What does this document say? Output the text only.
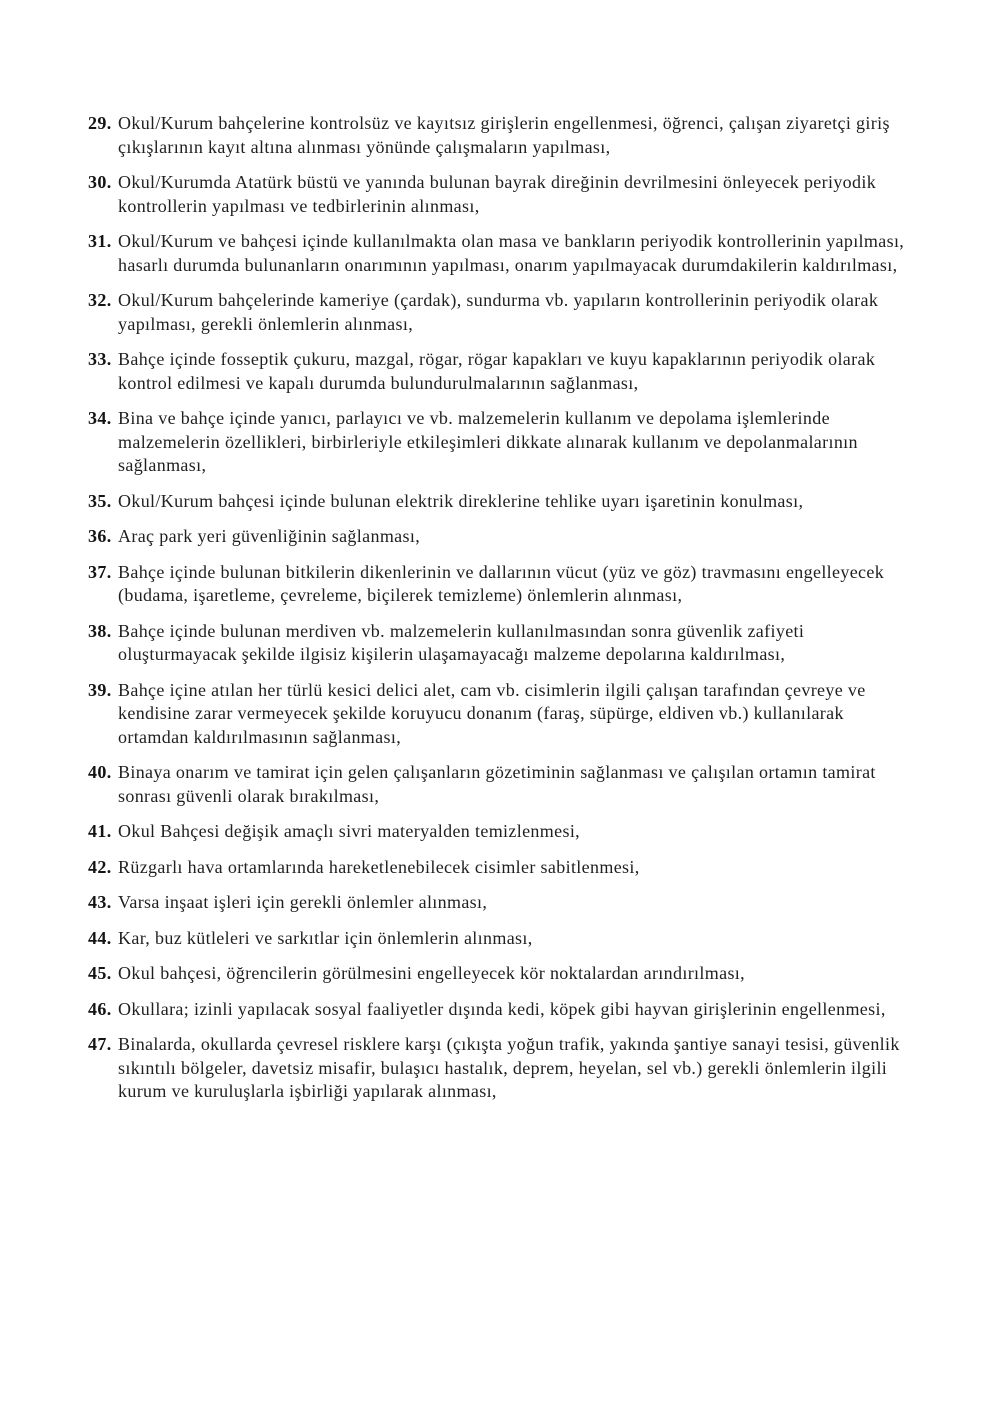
29. Okul/Kurum bahçelerine kontrolsüz ve kayıtsız girişlerin engellenmesi, öğrenci, çalışan ziyaretçi giriş çıkışlarının kayıt altına alınması yönünde çalışmaların yapılması,
30. Okul/Kurumda Atatürk büstü ve yanında bulunan bayrak direğinin devrilmesini önleyecek periyodik kontrollerin yapılması ve tedbirlerinin alınması,
31. Okul/Kurum ve bahçesi içinde kullanılmakta olan masa ve bankların periyodik kontrollerinin yapılması, hasarlı durumda bulunanların onarımının yapılması, onarım yapılmayacak durumdakilerin kaldırılması,
32. Okul/Kurum bahçelerinde kameriye (çardak), sundurma vb. yapıların kontrollerinin periyodik olarak yapılması, gerekli önlemlerin alınması,
33. Bahçe içinde fosseptik çukuru, mazgal, rögar, rögar kapakları ve kuyu kapaklarının periyodik olarak kontrol edilmesi ve kapalı durumda bulundurulmalarının sağlanması,
34. Bina ve bahçe içinde yanıcı, parlayıcı ve vb. malzemelerin kullanım ve depolama işlemlerinde malzemelerin özellikleri, birbirleriyle etkileşimleri dikkate alınarak kullanım ve depolanmalarının sağlanması,
35. Okul/Kurum bahçesi içinde bulunan elektrik direklerine tehlike uyarı işaretinin konulması,
36. Araç park yeri güvenliğinin sağlanması,
37. Bahçe içinde bulunan bitkilerin dikenlerinin ve dallarının vücut (yüz ve göz) travmasını engelleyecek (budama, işaretleme, çevreleme, biçilerek temizleme) önlemlerin alınması,
38. Bahçe içinde bulunan merdiven vb. malzemelerin kullanılmasından sonra güvenlik zafiyeti oluşturmayacak şekilde ilgisiz kişilerin ulaşamayacağı malzeme depolarına kaldırılması,
39. Bahçe içine atılan her türlü kesici delici alet, cam vb. cisimlerin ilgili çalışan tarafından çevreye ve kendisine zarar vermeyecek şekilde koruyucu donanım (faraş, süpürge, eldiven vb.) kullanılarak ortamdan kaldırılmasının sağlanması,
40. Binaya onarım ve tamirat için gelen çalışanların gözetiminin sağlanması ve çalışılan ortamın tamirat sonrası güvenli olarak bırakılması,
41. Okul Bahçesi değişik amaçlı sivri materyalden temizlenmesi,
42. Rüzgarlı hava ortamlarında hareketlenebilecek cisimler sabitlenmesi,
43. Varsa inşaat işleri için gerekli önlemler alınması,
44. Kar, buz kütleleri ve sarkıtlar için önlemlerin alınması,
45. Okul bahçesi, öğrencilerin görülmesini engelleyecek kör noktalardan arındırılması,
46. Okullara; izinli yapılacak sosyal faaliyetler dışında kedi, köpek gibi hayvan girişlerinin engellenmesi,
47. Binalarda, okullarda çevresel risklere karşı (çıkışta yoğun trafik, yakında şantiye sanayi tesisi, güvenlik sıkıntılı bölgeler, davetsiz misafir, bulaşıcı hastalık, deprem, heyelan, sel vb.) gerekli önlemlerin ilgili kurum ve kuruluşlarla işbirliği yapılarak alınması,
